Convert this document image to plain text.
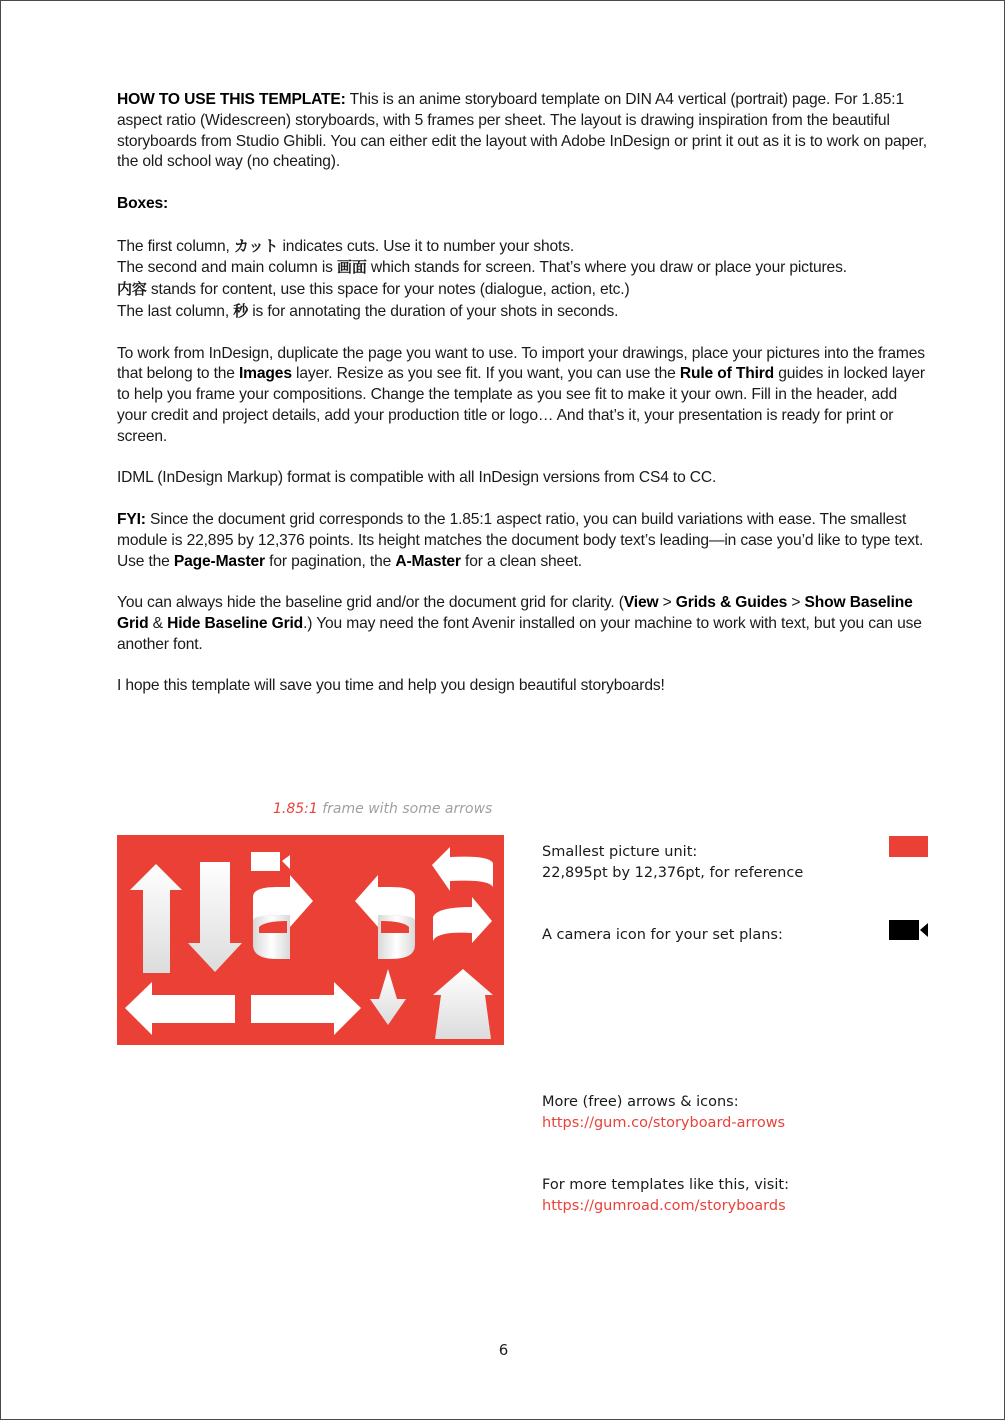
HOW TO USE THIS TEMPLATE: This is an anime storyboard template on DIN A4 vertical (portrait) page. For 1.85:1 aspect ratio (Widescreen) storyboards, with 5 frames per sheet. The layout is drawing inspiration from the beautiful storyboards from Studio Ghibli. You can either edit the layout with Adobe InDesign or print it out as it is to work on paper, the old school way (no cheating).

Boxes:

The first column, カット indicates cuts. Use it to number your shots.
The second and main column is 画面 which stands for screen. That’s where you draw or place your pictures.
内容 stands for content, use this space for your notes (dialogue, action, etc.)
The last column, 秒 is for annotating the duration of your shots in seconds.

To work from InDesign, duplicate the page you want to use. To import your drawings, place your pictures into the frames that belong to the Images layer. Resize as you see fit. If you want, you can use the Rule of Third guides in locked layer to help you frame your compositions. Change the template as you see fit to make it your own. Fill in the header, add your credit and project details, add your production title or logo… And that’s it, your presentation is ready for print or screen.

IDML (InDesign Markup) format is compatible with all InDesign versions from CS4 to CC.

FYI: Since the document grid corresponds to the 1.85:1 aspect ratio, you can build variations with ease. The smallest module is 22,895 by 12,376 points. Its height matches the document body text’s leading—in case you’d like to type text. Use the Page-Master for pagination, the A-Master for a clean sheet.

You can always hide the baseline grid and/or the document grid for clarity. (View > Grids & Guides > Show Baseline Grid & Hide Baseline Grid.) You may need the font Avenir installed on your machine to work with text, but you can use another font.

I hope this template will save you time and help you design beautiful storyboards!

1.85:1 frame with some arrows
Smallest picture unit:
22,895pt by 12,376pt, for reference
A camera icon for your set plans:
More (free) arrows & icons:
https://gum.co/storyboard-arrows
For more templates like this, visit:
https://gumroad.com/storyboards
6
